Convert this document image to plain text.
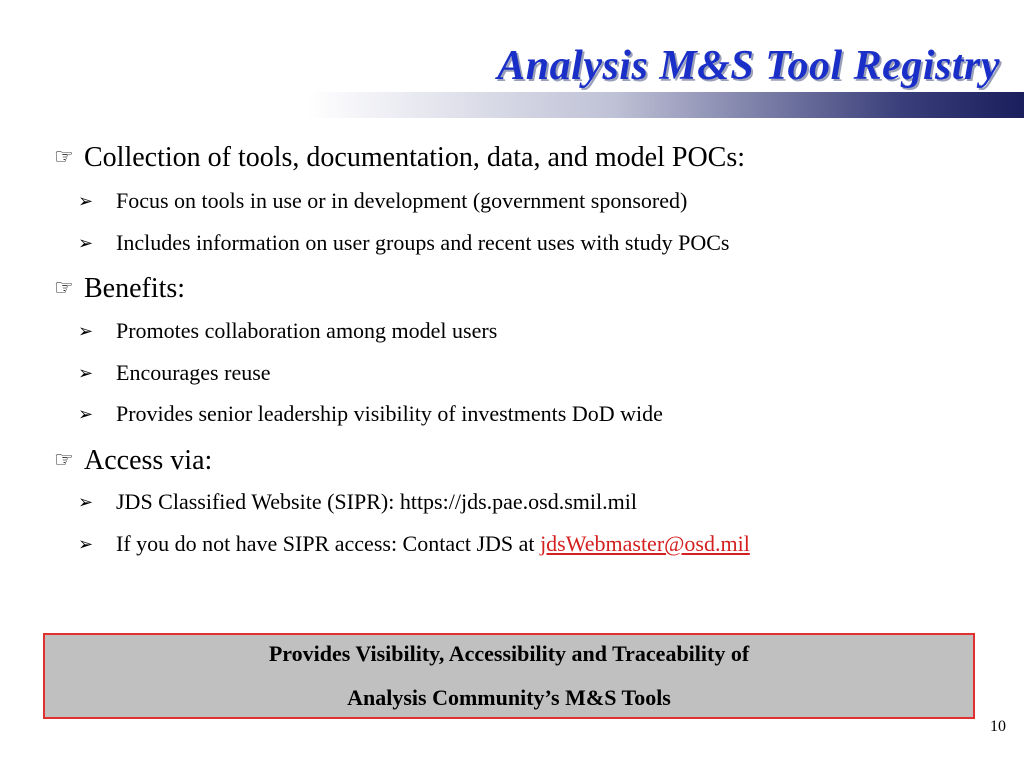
Analysis M&S Tool Registry
☞ Collection of tools, documentation, data, and model POCs:
➢ Focus on tools in use or in development (government sponsored)
➢ Includes information on user groups and recent uses with study POCs
☞ Benefits:
➢ Promotes collaboration among model users
➢ Encourages reuse
➢ Provides senior leadership visibility of investments DoD wide
☞ Access via:
➢ JDS Classified Website (SIPR): https://jds.pae.osd.smil.mil
➢ If you do not have SIPR access: Contact JDS at jdsWebmaster@osd.mil
Provides Visibility, Accessibility and Traceability of
Analysis Community’s M&S Tools
10
